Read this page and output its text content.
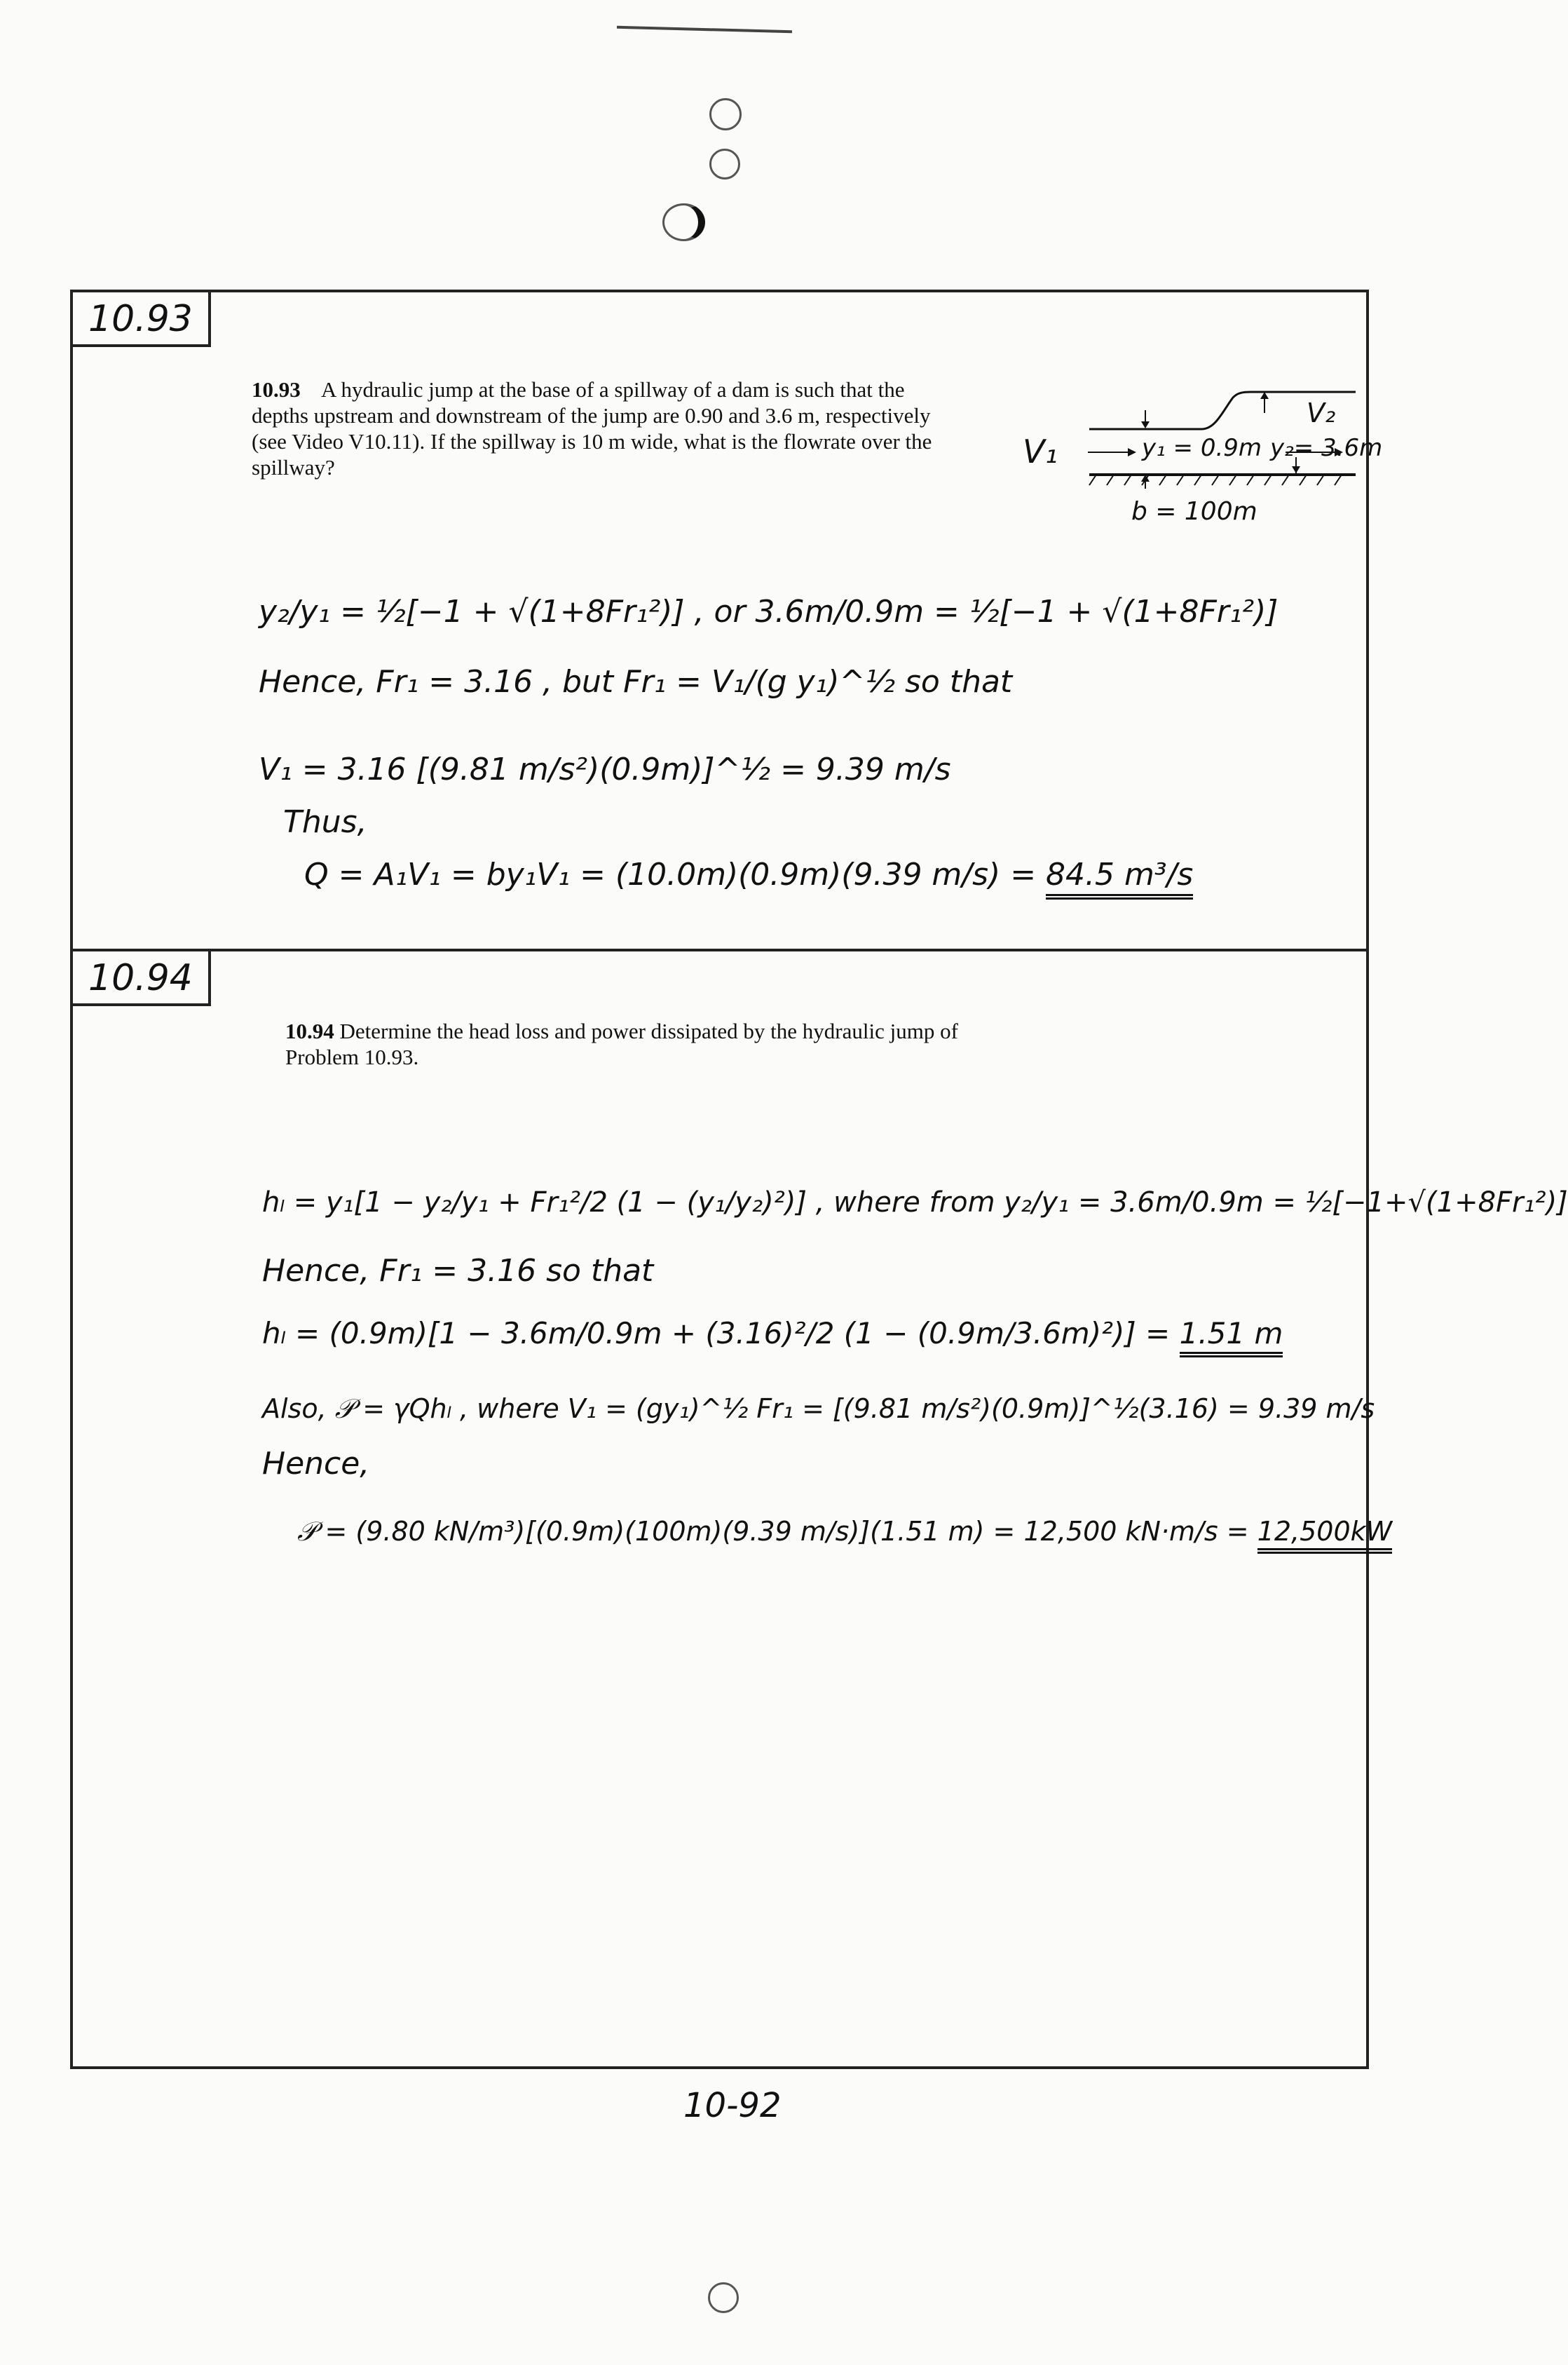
10.93
10.93 A hydraulic jump at the base of a spillway of a dam is such that the depths upstream and downstream of the jump are 0.90 and 3.6 m, respectively (see Video V10.11). If the spillway is 10 m wide, what is the flowrate over the spillway?	V₁
V₂
y₁ = 0.9m y₂= 3.6m
b = 100m
y₂/y₁ = ½[−1 + √(1+8Fr₁²)] , or 3.6m/0.9m = ½[−1 + √(1+8Fr₁²)]
Hence, Fr₁ = 3.16 , but Fr₁ = V₁/(g y₁)^½ so that
V₁ = 3.16 [(9.81 m/s²)(0.9m)]^½ = 9.39 m/s
Thus,
Q = A₁V₁ = by₁V₁ = (10.0m)(0.9m)(9.39 m/s) = 84.5 m³/s
10.94
10.94 Determine the head loss and power dissipated by the hydraulic jump of Problem 10.93.
hₗ = y₁[1 − y₂/y₁ + Fr₁²/2 (1 − (y₁/y₂)²)] , where from y₂/y₁ = 3.6m/0.9m = ½[−1+√(1+8Fr₁²)]
Hence, Fr₁ = 3.16 so that
hₗ = (0.9m)[1 − 3.6m/0.9m + (3.16)²/2 (1 − (0.9m/3.6m)²)] = 1.51 m
Also, 𝒫 = γQhₗ , where V₁ = (gy₁)^½ Fr₁ = [(9.81 m/s²)(0.9m)]^½(3.16) = 9.39 m/s
Hence,
𝒫 = (9.80 kN/m³)[(0.9m)(100m)(9.39 m/s)](1.51 m) = 12,500 kN·m/s = 12,500kW
10-92
